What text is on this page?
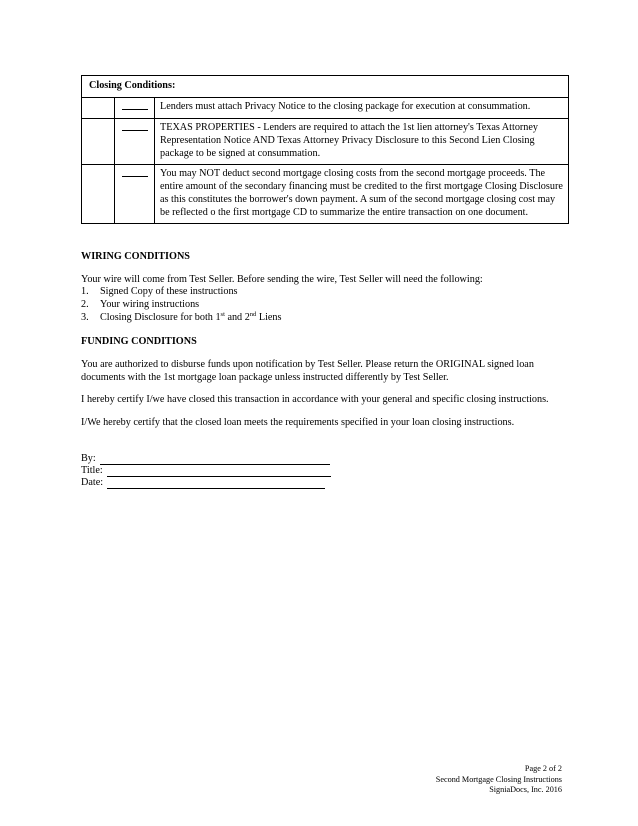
Closing Conditions:		
		Lenders must attach Privacy Notice to the closing package for execution at consummation.
		TEXAS PROPERTIES - Lenders are required to attach the 1st lien attorney's Texas Attorney Representation Notice AND Texas Attorney Privacy Disclosure to this Second Lien Closing package to be signed at consummation.
		You may NOT deduct second mortgage closing costs from the second mortgage proceeds. The entire amount of the secondary financing must be credited to the first mortgage Closing Disclosure as this constitutes the borrower's down payment. A sum of the second mortgage closing cost may be reflected o the first mortgage CD to summarize the entire transaction on one document.
WIRING CONDITIONS
Your wire will come from Test Seller. Before sending the wire, Test Seller will need the following:
1.	Signed Copy of these instructions
2.	Your wiring instructions
3.	Closing Disclosure for both 1st and 2nd Liens
FUNDING CONDITIONS
You are authorized to disburse funds upon notification by Test Seller. Please return the ORIGINAL signed loan documents with the 1st mortgage loan package unless instructed differently by Test Seller.
I hereby certify I/we have closed this transaction in accordance with your general and specific closing instructions.
I/We hereby certify that the closed loan meets the requirements specified in your loan closing instructions.
By:
Title:
Date:
Page 2 of 2
Second Mortgage Closing Instructions
SigniaDocs, Inc. 2016
